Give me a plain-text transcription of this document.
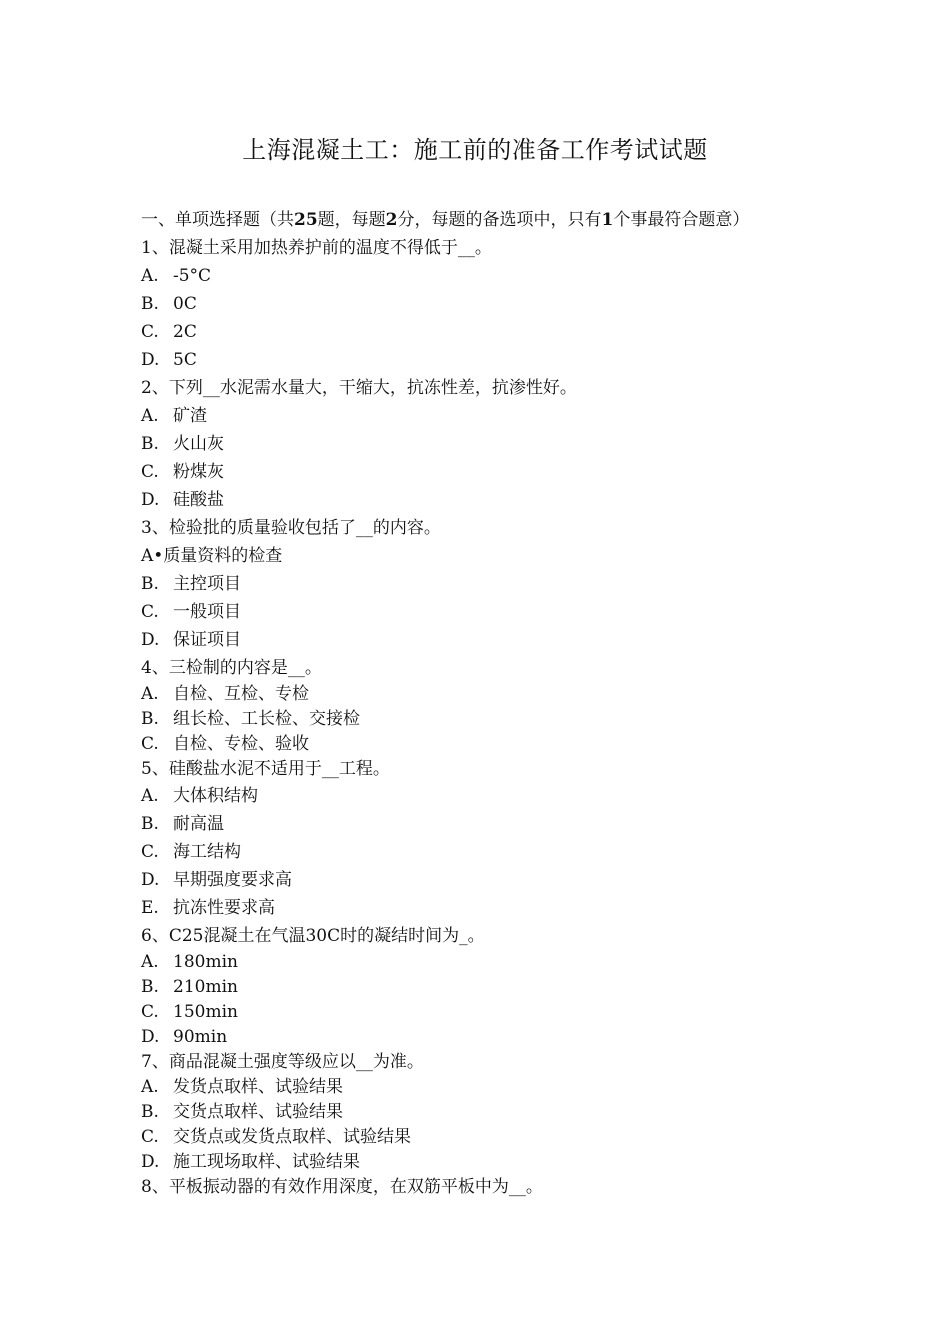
上海混凝土工：施工前的准备工作考试试题
一、单项选择题（共25题，每题2分，每题的备选项中，只有1个事最符合题意）
1、混凝土采用加热养护前的温度不得低于__。
A. -5°C
B. 0C
C. 2C
D. 5C
2、下列__水泥需水量大，干缩大，抗冻性差，抗渗性好。
A. 矿渣
B. 火山灰
C. 粉煤灰
D. 硅酸盐
3、检验批的质量验收包括了__的内容。
A•质量资料的检查
B. 主控项目
C. 一般项目
D. 保证项目
4、三检制的内容是__。
A. 自检、互检、专检
B. 组长检、工长检、交接检
C. 自检、专检、验收
5、硅酸盐水泥不适用于__工程。
A. 大体积结构
B. 耐高温
C. 海工结构
D. 早期强度要求高
E. 抗冻性要求高
6、C25混凝土在气温30C时的凝结时间为_。
A. 180min
B. 210min
C. 150min
D. 90min
7、商品混凝土强度等级应以__为准。
A. 发货点取样、试验结果
B. 交货点取样、试验结果
C. 交货点或发货点取样、试验结果
D. 施工现场取样、试验结果
8、平板振动器的有效作用深度，在双筋平板中为__。
